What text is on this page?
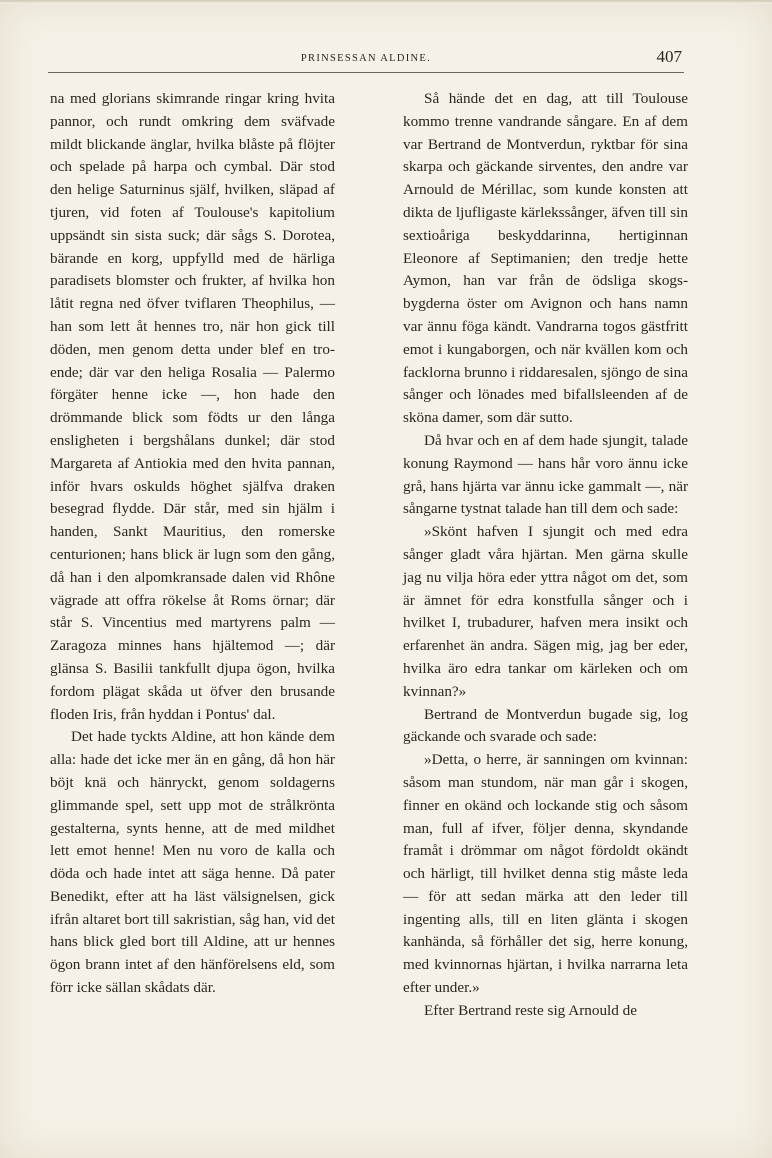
PRINSESSAN ALDINE.	407

na med glorians skimrande ringar kring hvita pannor, och rundt omkring dem sväfvade mildt blickande änglar, hvilka blåste på flöjter och spelade på harpa och cymbal. Där stod den helige Saturninus själf, hvilken, släpad af tjuren, vid foten af Toulouse's kapitolium uppsändt sin sista suck; där sågs S. Dorotea, bärande en korg, uppfylld med de härliga paradisets blomster och frukter, af hvilka hon låtit regna ned öfver tviflaren Theophilus, — han som lett åt hennes tro, när hon gick till döden, men genom detta under blef en troende; där var den heliga Rosalia — Palermo förgäter henne icke —, hon hade den drömmande blick som födts ur den långa ensligheten i bergshålans dunkel; där stod Margareta af Antiokia med den hvita pannan, inför hvars oskulds höghet själfva draken besegrad flydde. Där står, med sin hjälm i handen, Sankt Mauritius, den romerske centurionen; hans blick är lugn som den gång, då han i den alpomkransade dalen vid Rhône vägrade att offra rökelse åt Roms örnar; där står S. Vincentius med martyrens palm — Zaragoza minnes hans hjältemod —; där glänsa S. Basilii tankfullt djupa ögon, hvilka fordom plägat skåda ut öfver den brusande floden Iris, från hyddan i Pontus' dal.

Det hade tyckts Aldine, att hon kände dem alla: hade det icke mer än en gång, då hon här böjt knä och hänryckt, genom soldagerns glimmande spel, sett upp mot de strålkrönta gestalterna, synts henne, att de med mildhet lett emot henne! Men nu voro de kalla och döda och hade intet att säga henne. Då pater Benedikt, efter att ha läst välsignelsen, gick ifrån altaret bort till sakristian, såg han, vid det hans blick gled bort till Aldine, att ur hennes ögon brann intet af den hänförelsens eld, som förr icke sällan skådats där.

Så hände det en dag, att till Toulouse kommo trenne vandrande sångare. En af dem var Bertrand de Montverdun, ryktbar för sina skarpa och gäckande sirventes, den andre var Arnould de Mérillac, som kunde konsten att dikta de ljufligaste kärlekssånger, äfven till sin sextioåriga beskyddarinna, hertiginnan Eleonore af Septimanien; den tredje hette Aymon, han var från de ödsliga skogsbygderna öster om Avignon och hans namn var ännu föga kändt. Vandrarna togos gästfritt emot i kungaborgen, och när kvällen kom och facklorna brunno i riddaresalen, sjöngo de sina sånger och lönades med bifallsleenden af de sköna damer, som där sutto.

Då hvar och en af dem hade sjungit, talade konung Raymond — hans hår voro ännu icke grå, hans hjärta var ännu icke gammalt —, när sångarne tystnat talade han till dem och sade:

»Skönt hafven I sjungit och med edra sånger gladt våra hjärtan. Men gärna skulle jag nu vilja höra eder yttra något om det, som är ämnet för edra konstfulla sånger och i hvilket I, trubadurer, hafven mera insikt och erfarenhet än andra. Sägen mig, jag ber eder, hvilka äro edra tankar om kärleken och om kvinnan?»

Bertrand de Montverdun bugade sig, log gäckande och svarade och sade:

»Detta, o herre, är sanningen om kvinnan: såsom man stundom, när man går i skogen, finner en okänd och lockande stig och såsom man, full af ifver, följer denna, skyndande framåt i drömmar om något fördoldt okändt och härligt, till hvilket denna stig måste leda — för att sedan märka att den leder till ingenting alls, till en liten glänta i skogen kanhända, så förhåller det sig, herre konung, med kvinnornas hjärtan, i hvilka narrarna leta efter under.»

Efter Bertrand reste sig Arnould de
